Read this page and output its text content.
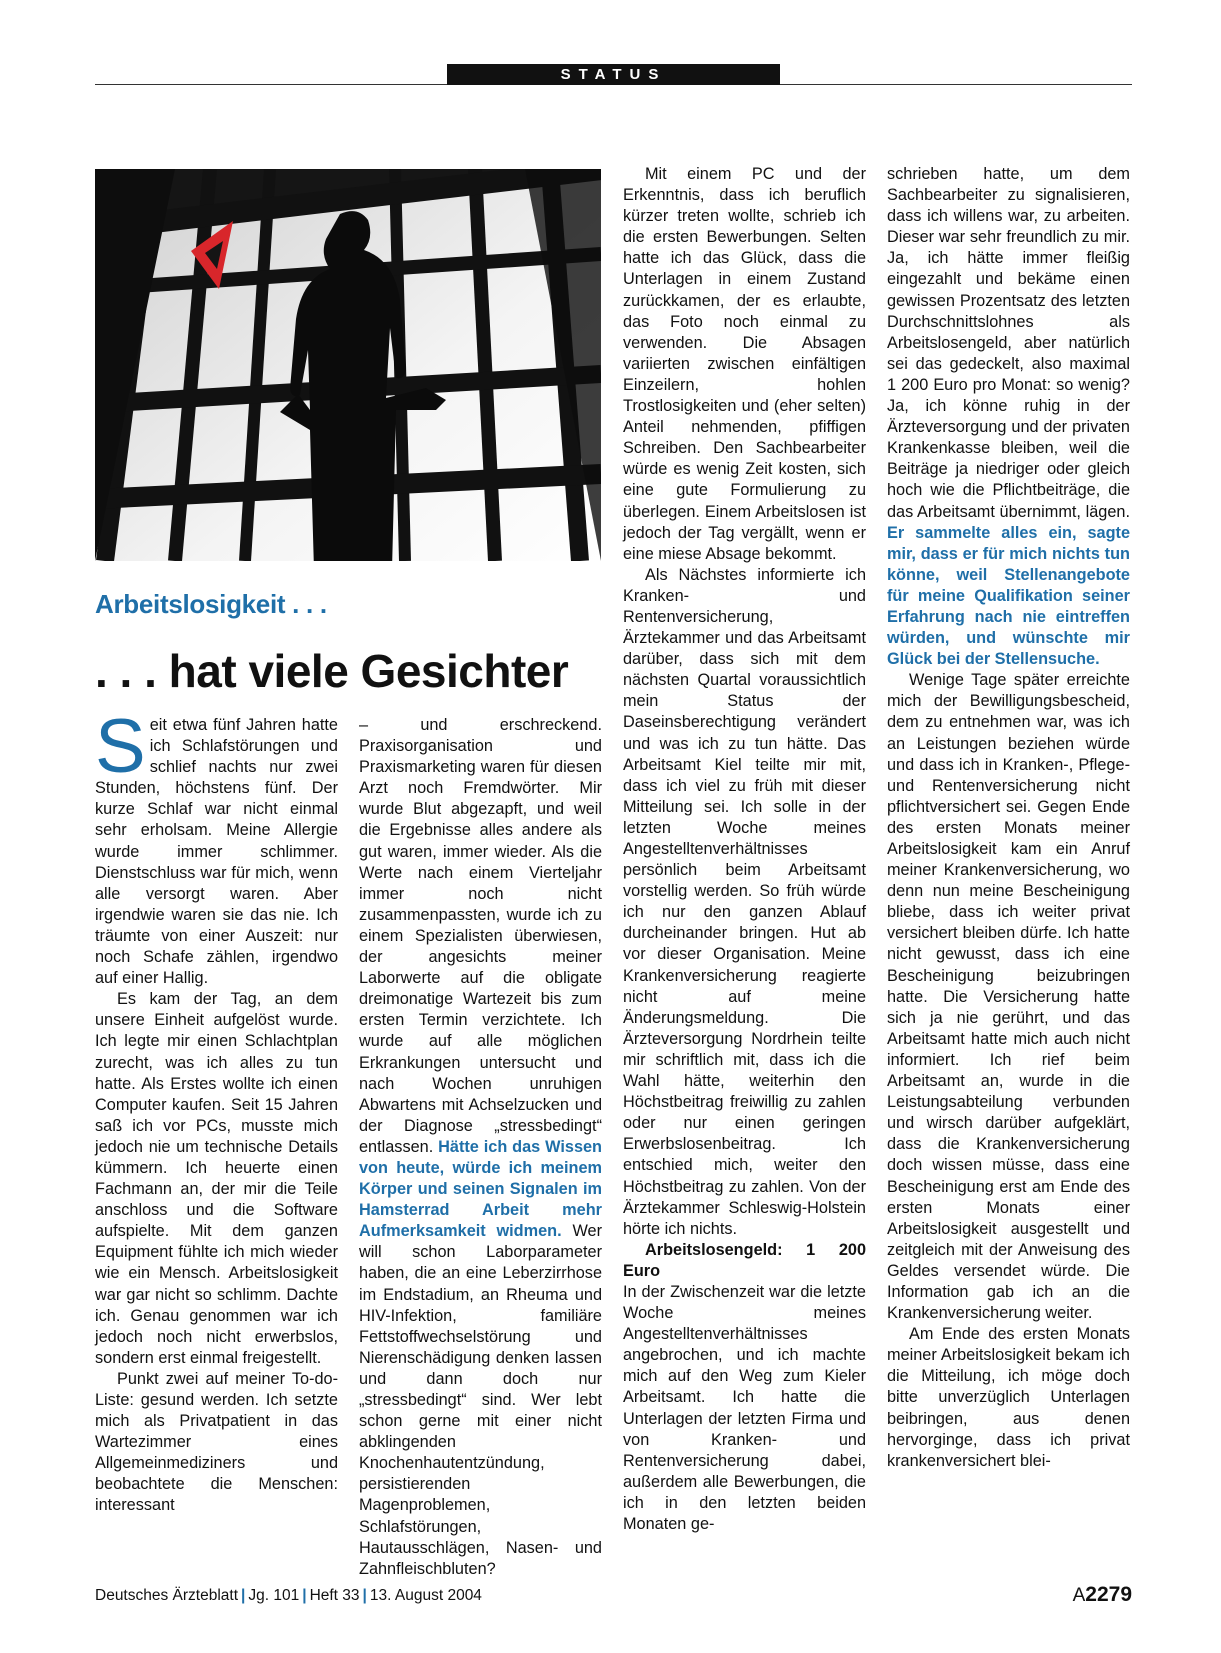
STATUS
Arbeitslosigkeit . . .
. . . hat viele Gesichter

Seit etwa fünf Jahren hatte ich Schlafstörungen und schlief nachts nur zwei Stunden, höchstens fünf. Der kurze Schlaf war nicht einmal sehr erholsam. Meine Allergie wurde immer schlimmer. Dienstschluss war für mich, wenn alle versorgt waren. Aber irgendwie waren sie das nie. Ich träumte von einer Auszeit: nur noch Schafe zählen, irgendwo auf einer Hallig.

Es kam der Tag, an dem unsere Einheit aufgelöst wurde. Ich legte mir einen Schlachtplan zurecht, was ich alles zu tun hatte. Als Erstes wollte ich einen Computer kaufen. Seit 15 Jahren saß ich vor PCs, musste mich jedoch nie um technische Details kümmern. Ich heuerte einen Fachmann an, der mir die Teile anschloss und die Software aufspielte. Mit dem ganzen Equipment fühlte ich mich wieder wie ein Mensch. Arbeitslosigkeit war gar nicht so schlimm. Dachte ich. Genau genommen war ich jedoch noch nicht erwerbslos, sondern erst einmal freigestellt.

Punkt zwei auf meiner To-do-Liste: gesund werden. Ich setzte mich als Privatpatient in das Wartezimmer eines Allgemeinmediziners und beobachtete die Menschen: interessant

– und erschreckend. Praxisorganisation und Praxismarketing waren für diesen Arzt noch Fremdwörter. Mir wurde Blut abgezapft, und weil die Ergebnisse alles andere als gut waren, immer wieder. Als die Werte nach einem Vierteljahr immer noch nicht zusammenpassten, wurde ich zu einem Spezialisten überwiesen, der angesichts meiner Laborwerte auf die obligate dreimonatige Wartezeit bis zum ersten Termin verzichtete. Ich wurde auf alle möglichen Erkrankungen untersucht und nach Wochen unruhigen Abwartens mit Achselzucken und der Diagnose „stressbedingt“ entlassen. Hätte ich das Wissen von heute, würde ich meinem Körper und seinen Signalen im Hamsterrad Arbeit mehr Aufmerksamkeit widmen. Wer will schon Laborparameter haben, die an eine Leberzirrhose im Endstadium, an Rheuma und HIV-Infektion, familiäre Fettstoffwechselstörung und Nierenschädigung denken lassen und dann doch nur „stressbedingt“ sind. Wer lebt schon gerne mit einer nicht abklingenden Knochenhautentzündung, persistierenden Magenproblemen, Schlafstörungen, Hautausschlägen, Nasen- und Zahnfleischbluten?

Mit einem PC und der Erkenntnis, dass ich beruflich kürzer treten wollte, schrieb ich die ersten Bewerbungen. Selten hatte ich das Glück, dass die Unterlagen in einem Zustand zurückkamen, der es erlaubte, das Foto noch einmal zu verwenden. Die Absagen variierten zwischen einfältigen Einzeilern, hohlen Trostlosigkeiten und (eher selten) Anteil nehmenden, pfiffigen Schreiben. Den Sachbearbeiter würde es wenig Zeit kosten, sich eine gute Formulierung zu überlegen. Einem Arbeitslosen ist jedoch der Tag vergällt, wenn er eine miese Absage bekommt.

Als Nächstes informierte ich Kranken- und Rentenversicherung, Ärztekammer und das Arbeitsamt darüber, dass sich mit dem nächsten Quartal voraussichtlich mein Status der Daseinsberechtigung verändert und was ich zu tun hätte. Das Arbeitsamt Kiel teilte mir mit, dass ich viel zu früh mit dieser Mitteilung sei. Ich solle in der letzten Woche meines Angestelltenverhältnisses persönlich beim Arbeitsamt vorstellig werden. So früh würde ich nur den ganzen Ablauf durcheinander bringen. Hut ab vor dieser Organisation. Meine Krankenversicherung reagierte nicht auf meine Änderungsmeldung. Die Ärzteversorgung Nordrhein teilte mir schriftlich mit, dass ich die Wahl hätte, weiterhin den Höchstbeitrag freiwillig zu zahlen oder nur einen geringen Erwerbslosenbeitrag. Ich entschied mich, weiter den Höchstbeitrag zu zahlen. Von der Ärztekammer Schleswig-Holstein hörte ich nichts.

Arbeitslosengeld: 1 200 Euro

In der Zwischenzeit war die letzte Woche meines Angestelltenverhältnisses angebrochen, und ich machte mich auf den Weg zum Kieler Arbeitsamt. Ich hatte die Unterlagen der letzten Firma und von Kranken- und Rentenversicherung dabei, außerdem alle Bewerbungen, die ich in den letzten beiden Monaten ge-

schrieben hatte, um dem Sachbearbeiter zu signalisieren, dass ich willens war, zu arbeiten. Dieser war sehr freundlich zu mir. Ja, ich hätte immer fleißig eingezahlt und bekäme einen gewissen Prozentsatz des letzten Durchschnittslohnes als Arbeitslosengeld, aber natürlich sei das gedeckelt, also maximal 1 200 Euro pro Monat: so wenig? Ja, ich könne ruhig in der Ärzteversorgung und der privaten Krankenkasse bleiben, weil die Beiträge ja niedriger oder gleich hoch wie die Pflichtbeiträge, die das Arbeitsamt übernimmt, lägen. Er sammelte alles ein, sagte mir, dass er für mich nichts tun könne, weil Stellenangebote für meine Qualifikation seiner Erfahrung nach nie eintreffen würden, und wünschte mir Glück bei der Stellensuche.

Wenige Tage später erreichte mich der Bewilligungsbescheid, dem zu entnehmen war, was ich an Leistungen beziehen würde und dass ich in Kranken-, Pflege- und Rentenversicherung nicht pflichtversichert sei. Gegen Ende des ersten Monats meiner Arbeitslosigkeit kam ein Anruf meiner Krankenversicherung, wo denn nun meine Bescheinigung bliebe, dass ich weiter privat versichert bleiben dürfe. Ich hatte nicht gewusst, dass ich eine Bescheinigung beizubringen hatte. Die Versicherung hatte sich ja nie gerührt, und das Arbeitsamt hatte mich auch nicht informiert. Ich rief beim Arbeitsamt an, wurde in die Leistungsabteilung verbunden und wirsch darüber aufgeklärt, dass die Krankenversicherung doch wissen müsse, dass eine Bescheinigung erst am Ende des ersten Monats einer Arbeitslosigkeit ausgestellt und zeitgleich mit der Anweisung des Geldes versendet würde. Die Information gab ich an die Krankenversicherung weiter.

Am Ende des ersten Monats meiner Arbeitslosigkeit bekam ich die Mitteilung, ich möge doch bitte unverzüglich Unterlagen beibringen, aus denen hervorginge, dass ich privat krankenversichert blei-

Deutsches Ärzteblatt | Jg. 101 | Heft 33 | 13. August 2004	A2279
